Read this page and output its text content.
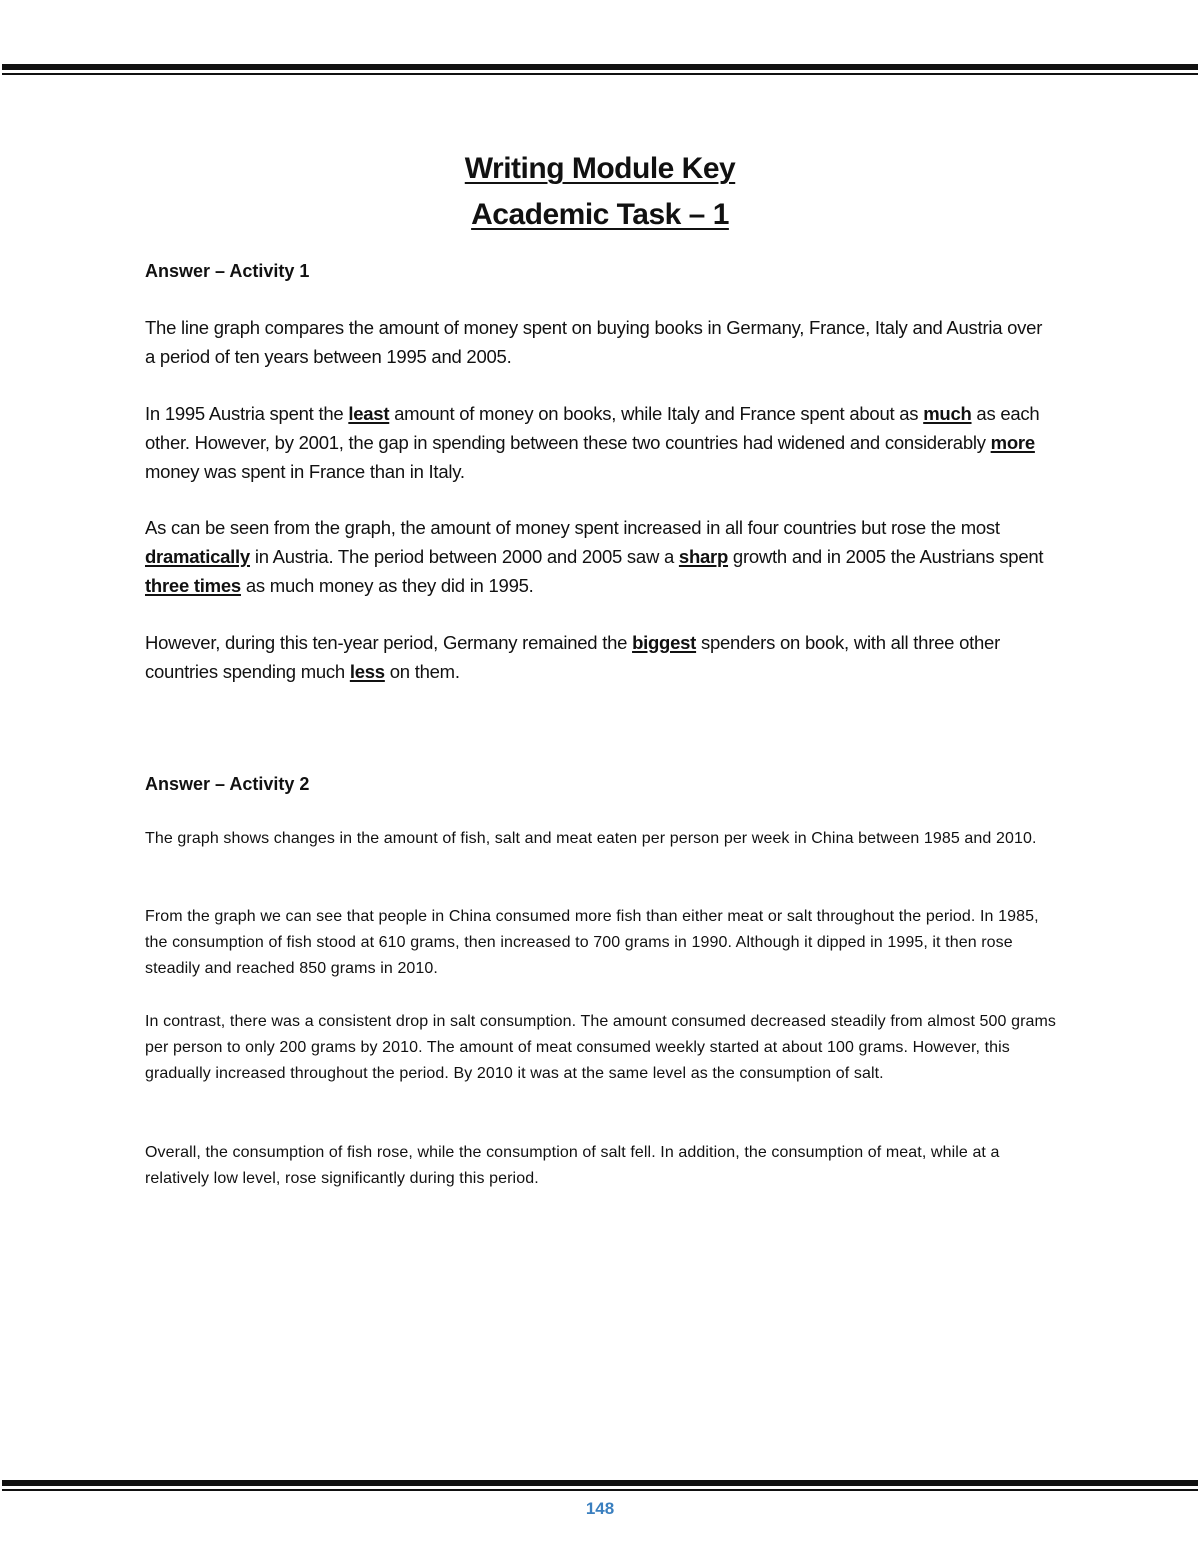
Writing Module Key
Academic Task – 1

Answer – Activity 1

The line graph compares the amount of money spent on buying books in Germany, France, Italy and Austria over a period of ten years between 1995 and 2005.

In 1995 Austria spent the least amount of money on books, while Italy and France spent about as much as each other. However, by 2001, the gap in spending between these two countries had widened and considerably more money was spent in France than in Italy.

As can be seen from the graph, the amount of money spent increased in all four countries but rose the most dramatically in Austria. The period between 2000 and 2005 saw a sharp growth and in 2005 the Austrians spent three times as much money as they did in 1995.

However, during this ten-year period, Germany remained the biggest spenders on book, with all three other countries spending much less on them.

Answer – Activity 2

The graph shows changes in the amount of fish, salt and meat eaten per person per week in China between 1985 and 2010.

From the graph we can see that people in China consumed more fish than either meat or salt throughout the period. In 1985, the consumption of fish stood at 610 grams, then increased to 700 grams in 1990. Although it dipped in 1995, it then rose steadily and reached 850 grams in 2010.

In contrast, there was a consistent drop in salt consumption. The amount consumed decreased steadily from almost 500 grams per person to only 200 grams by 2010. The amount of meat consumed weekly started at about 100 grams. However, this gradually increased throughout the period. By 2010 it was at the same level as the consumption of salt.

Overall, the consumption of fish rose, while the consumption of salt fell. In addition, the consumption of meat, while at a relatively low level, rose significantly during this period.

148
